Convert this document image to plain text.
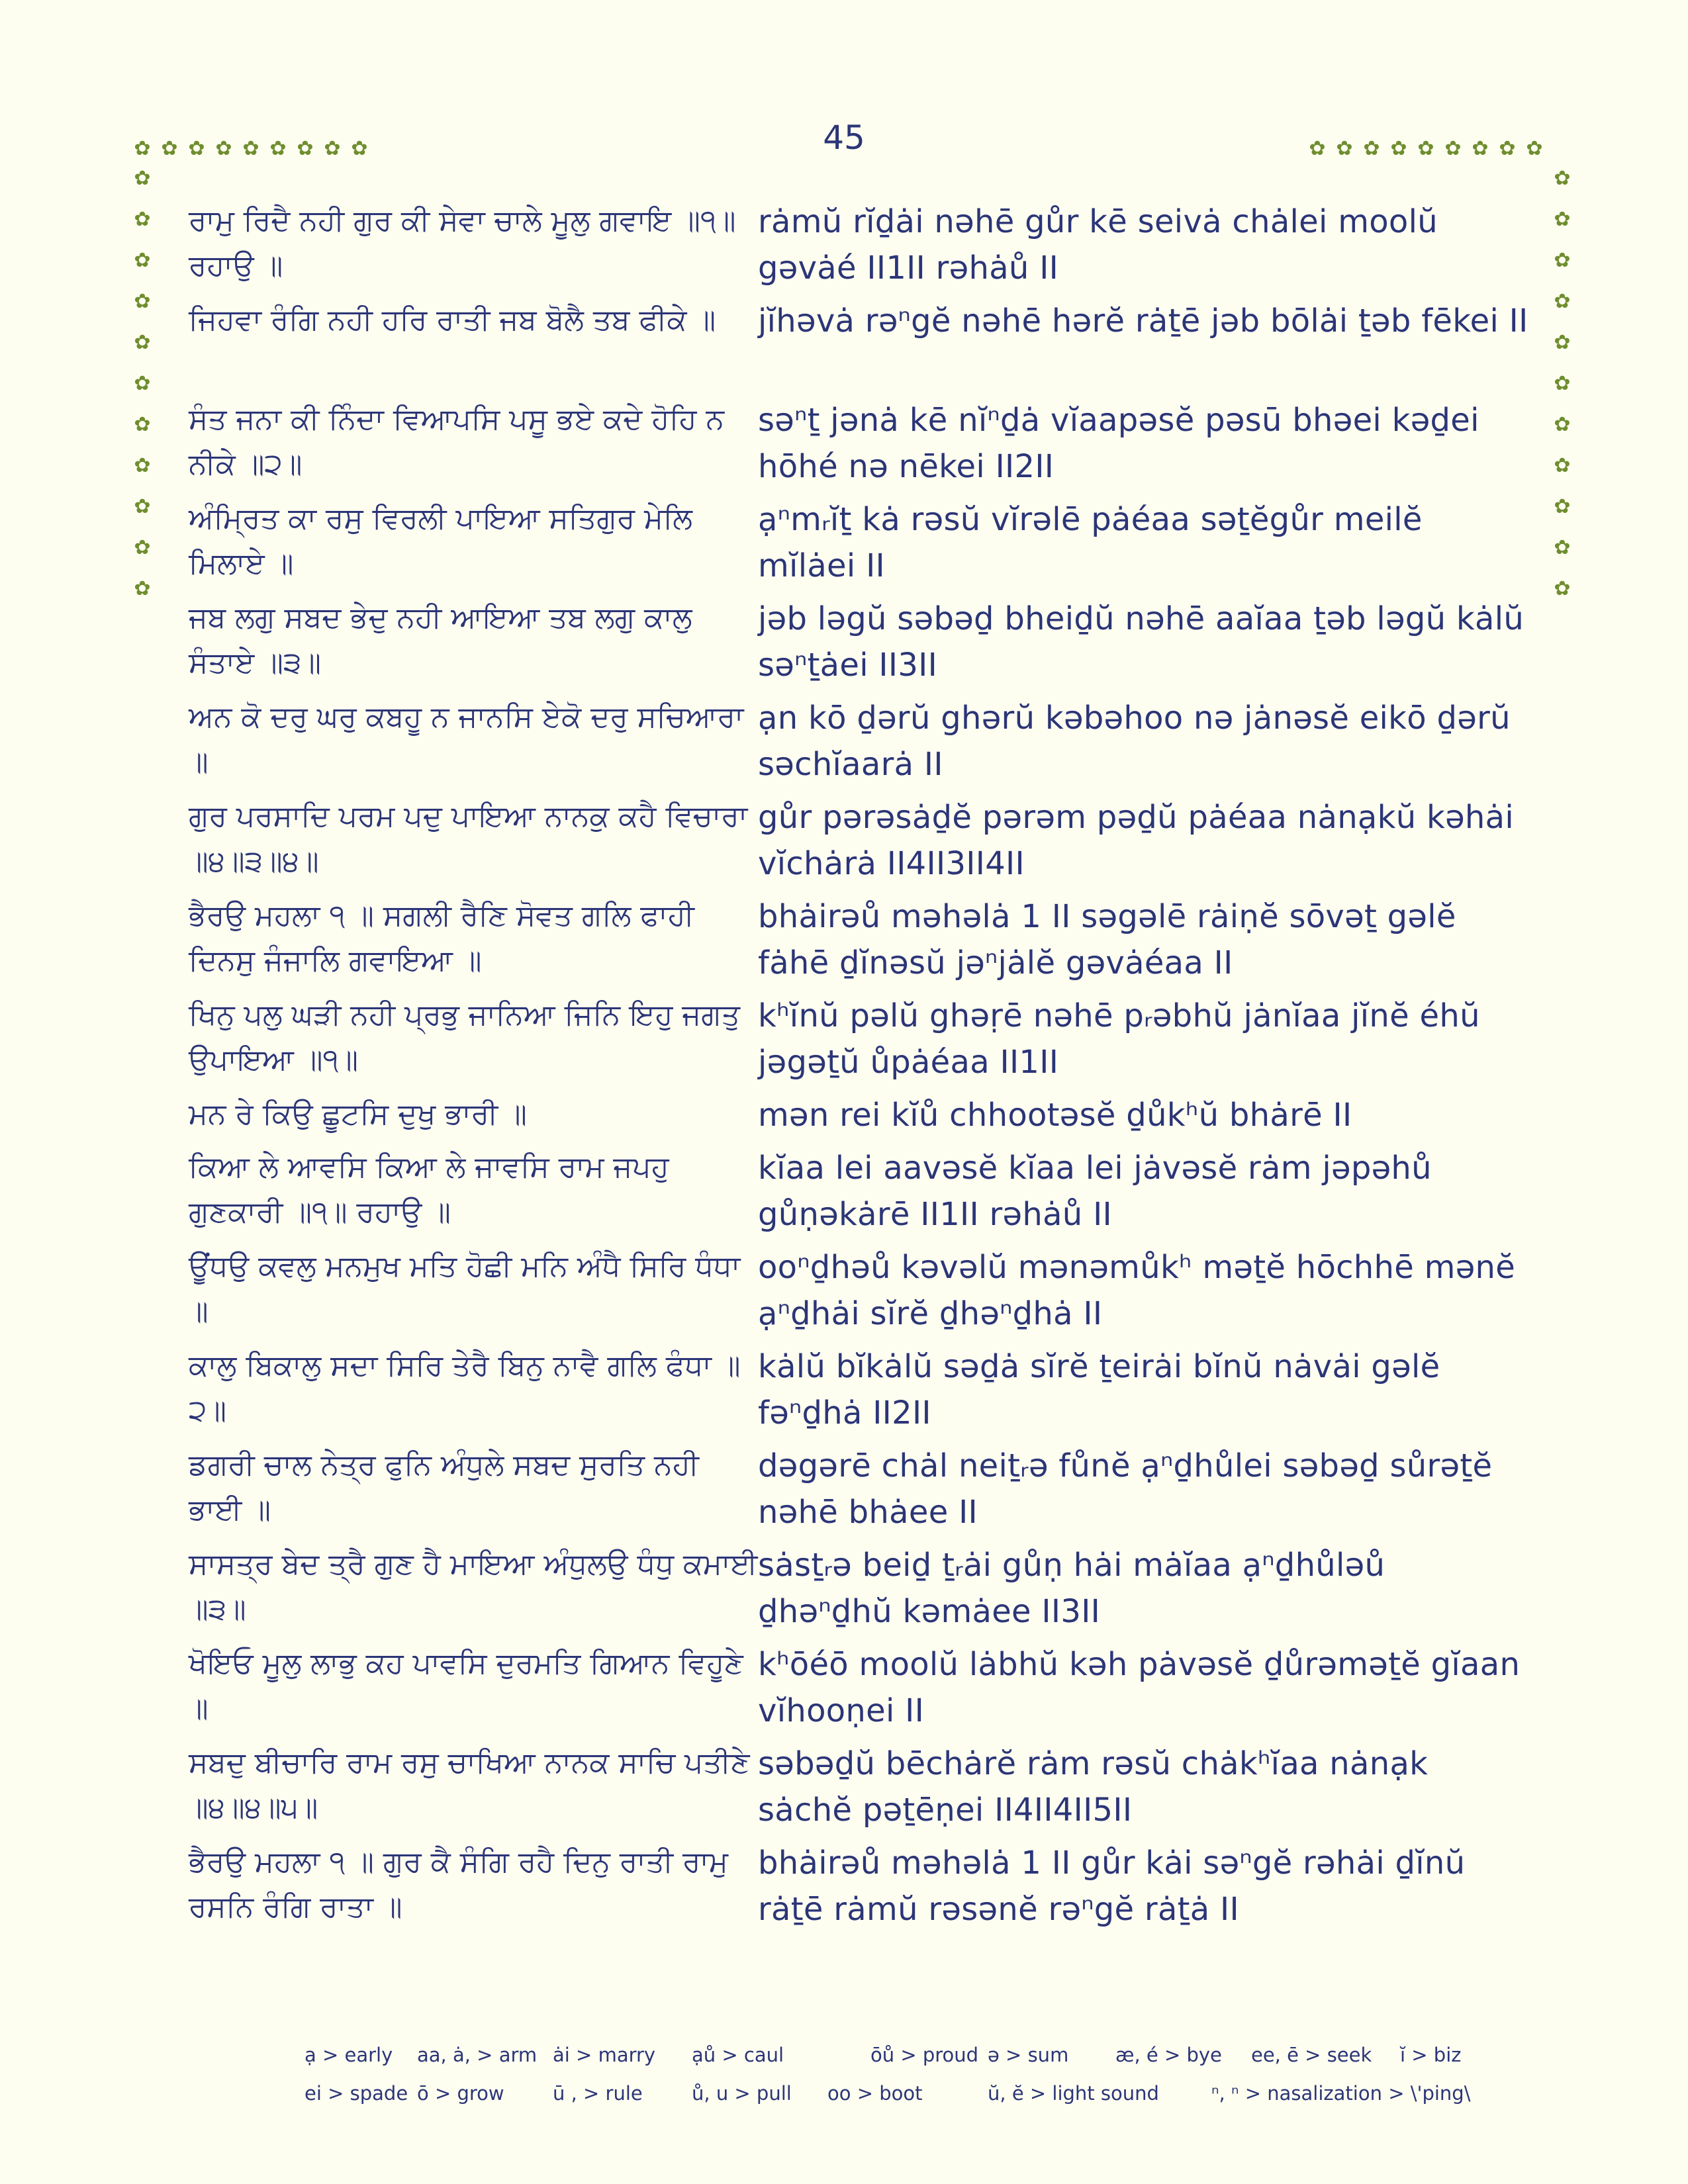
45
✿ ✿ ✿ ✿ ✿ ✿ ✿ ✿ ✿	✿ ✿ ✿ ✿ ✿ ✿ ✿ ✿ ✿
✿
✿
✿
✿
✿
✿
✿
✿
✿
✿
✿
✿
✿
✿
✿
✿
✿
✿
✿
✿
✿
✿
ਰਾਮੁ ਰਿਦੈ ਨਹੀ ਗੁਰ ਕੀ ਸੇਵਾ ਚਾਲੇ ਮੂਲੁ ਗਵਾਇ ॥੧॥ ਰਹਾਉ ॥
rȧmŭ rĭḏȧi nəhē gůr kē seivȧ chȧlei moolŭ gəvȧé II1II rəhȧů II
ਜਿਹਵਾ ਰੰਗਿ ਨਹੀ ਹਰਿ ਰਾਤੀ ਜਬ ਬੋਲੈ ਤਬ ਫੀਕੇ ॥	jĭhəvȧ rəⁿgĕ nəhē hərĕ rȧṯē jəb bōlȧi ṯəb fēkei II
ਸੰਤ ਜਨਾ ਕੀ ਨਿੰਦਾ ਵਿਆਪਸਿ ਪਸੂ ਭਏ ਕਦੇ ਹੋਹਿ ਨ ਨੀਕੇ ॥੨॥
səⁿṯ jənȧ kē nĭⁿḏȧ vĭaapəsĕ pəsū bhəei kəḏei hōhé nə nēkei II2II
ਅੰਮ੍ਰਿਤ ਕਾ ਰਸੁ ਵਿਰਲੀ ਪਾਇਆ ਸਤਿਗੁਰ ਮੇਲਿ ਮਿਲਾਏ ॥
ạⁿmᵣĭṯ kȧ rəsŭ vĭrəlē pȧéaa səṯĕgůr meilĕ mĭlȧei II
ਜਬ ਲਗੁ ਸਬਦ ਭੇਦੁ ਨਹੀ ਆਇਆ ਤਬ ਲਗੁ ਕਾਲੁ ਸੰਤਾਏ ॥੩॥
jəb ləgŭ səbəḏ bheiḏŭ nəhē aaĭaa ṯəb ləgŭ kȧlŭ səⁿṯȧei II3II
ਅਨ ਕੋ ਦਰੁ ਘਰੁ ਕਬਹੂ ਨ ਜਾਨਸਿ ਏਕੋ ਦਰੁ ਸਚਿਆਰਾ ॥
ạn kō ḏərŭ ghərŭ kəbəhoo nə jȧnəsĕ eikō ḏərŭ səchĭaarȧ II
ਗੁਰ ਪਰਸਾਦਿ ਪਰਮ ਪਦੁ ਪਾਇਆ ਨਾਨਕੁ ਕਹੈ ਵਿਚਾਰਾ ॥੪॥੩॥੪॥
gůr pərəsȧḏĕ pərəm pəḏŭ pȧéaa nȧnạkŭ kəhȧi vĭchȧrȧ II4II3II4II
ਭੈਰਉ ਮਹਲਾ ੧ ॥ ਸਗਲੀ ਰੈਣਿ ਸੋਵਤ ਗਲਿ ਫਾਹੀ ਦਿਨਸੁ ਜੰਜਾਲਿ ਗਵਾਇਆ ॥
bhȧirəů məhəlȧ 1 II səgəlē rȧiṇĕ sōvəṯ gəlĕ fȧhē ḏĭnəsŭ jəⁿjȧlĕ gəvȧéaa II
ਖਿਨੁ ਪਲੁ ਘੜੀ ਨਹੀ ਪ੍ਰਭੁ ਜਾਨਿਆ ਜਿਨਿ ਇਹੁ ਜਗਤੁ ਉਪਾਇਆ ॥੧॥
kʰĭnŭ pəlŭ ghəṛē nəhē pᵣəbhŭ jȧnĭaa jĭnĕ éhŭ jəgəṯŭ ůpȧéaa II1II
ਮਨ ਰੇ ਕਿਉ ਛੂਟਸਿ ਦੁਖੁ ਭਾਰੀ ॥	mən rei kĭů chhootəsĕ ḏůkʰŭ bhȧrē II
ਕਿਆ ਲੇ ਆਵਸਿ ਕਿਆ ਲੇ ਜਾਵਸਿ ਰਾਮ ਜਪਹੁ ਗੁਣਕਾਰੀ ॥੧॥ ਰਹਾਉ ॥
kĭaa lei aavəsĕ kĭaa lei jȧvəsĕ rȧm jəpəhů gůṇəkȧrē II1II rəhȧů II
ਊਂਧਉ ਕਵਲੁ ਮਨਮੁਖ ਮਤਿ ਹੋਛੀ ਮਨਿ ਅੰਧੈ ਸਿਰਿ ਧੰਧਾ ॥
ooⁿḏhəů kəvəlŭ mənəmůkʰ məṯĕ hōchhē mənĕ ạⁿḏhȧi sĭrĕ ḏhəⁿḏhȧ II
ਕਾਲੁ ਬਿਕਾਲੁ ਸਦਾ ਸਿਰਿ ਤੇਰੈ ਬਿਨੁ ਨਾਵੈ ਗਲਿ ਫੰਧਾ ॥੨॥
kȧlŭ bĭkȧlŭ səḏȧ sĭrĕ ṯeirȧi bĭnŭ nȧvȧi gəlĕ fəⁿḏhȧ II2II
ਡਗਰੀ ਚਾਲ ਨੇਤ੍ਰ ਫੁਨਿ ਅੰਧੁਲੇ ਸਬਦ ਸੁਰਤਿ ਨਹੀ ਭਾਈ ॥
dəgərē chȧl neiṯᵣə fůnĕ ạⁿḏhůlei səbəḏ sůrəṯĕ nəhē bhȧee II
ਸਾਸਤ੍ਰ ਬੇਦ ਤ੍ਰੈ ਗੁਣ ਹੈ ਮਾਇਆ ਅੰਧੁਲਉ ਧੰਧੁ ਕਮਾਈ ॥੩॥
sȧsṯᵣə beiḏ ṯᵣȧi gůṇ hȧi mȧĭaa ạⁿḏhůləů ḏhəⁿḏhŭ kəmȧee II3II
ਖੋਇਓ ਮੂਲੁ ਲਾਭੁ ਕਹ ਪਾਵਸਿ ਦੁਰਮਤਿ ਗਿਆਨ ਵਿਹੂਣੇ ॥
kʰōéō moolŭ lȧbhŭ kəh pȧvəsĕ ḏůrəməṯĕ gĭaan vĭhooṇei II
ਸਬਦੁ ਬੀਚਾਰਿ ਰਾਮ ਰਸੁ ਚਾਖਿਆ ਨਾਨਕ ਸਾਚਿ ਪਤੀਣੇ ॥੪॥੪॥੫॥
səbəḏŭ bēchȧrĕ rȧm rəsŭ chȧkʰĭaa nȧnạk sȧchĕ pəṯēṇei II4II4II5II
ਭੈਰਉ ਮਹਲਾ ੧ ॥ ਗੁਰ ਕੈ ਸੰਗਿ ਰਹੈ ਦਿਨੁ ਰਾਤੀ ਰਾਮੁ ਰਸਨਿ ਰੰਗਿ ਰਾਤਾ ॥
bhȧirəů məhəlȧ 1 II gůr kȧi səⁿgĕ rəhȧi ḏĭnŭ rȧṯē rȧmŭ rəsənĕ rəⁿgĕ rȧṯȧ II
ạ > early aa, ȧ, > arm ȧi > marry ạů > caul	ōů > proud ə > sum æ, é > bye ee, ē > seek ĭ > biz
ei > spade ō > grow	ū , > rule	ů, u > pull oo > boot	ŭ, ĕ > light sound	ⁿ, ⁿ > nasalization > \'ping\
